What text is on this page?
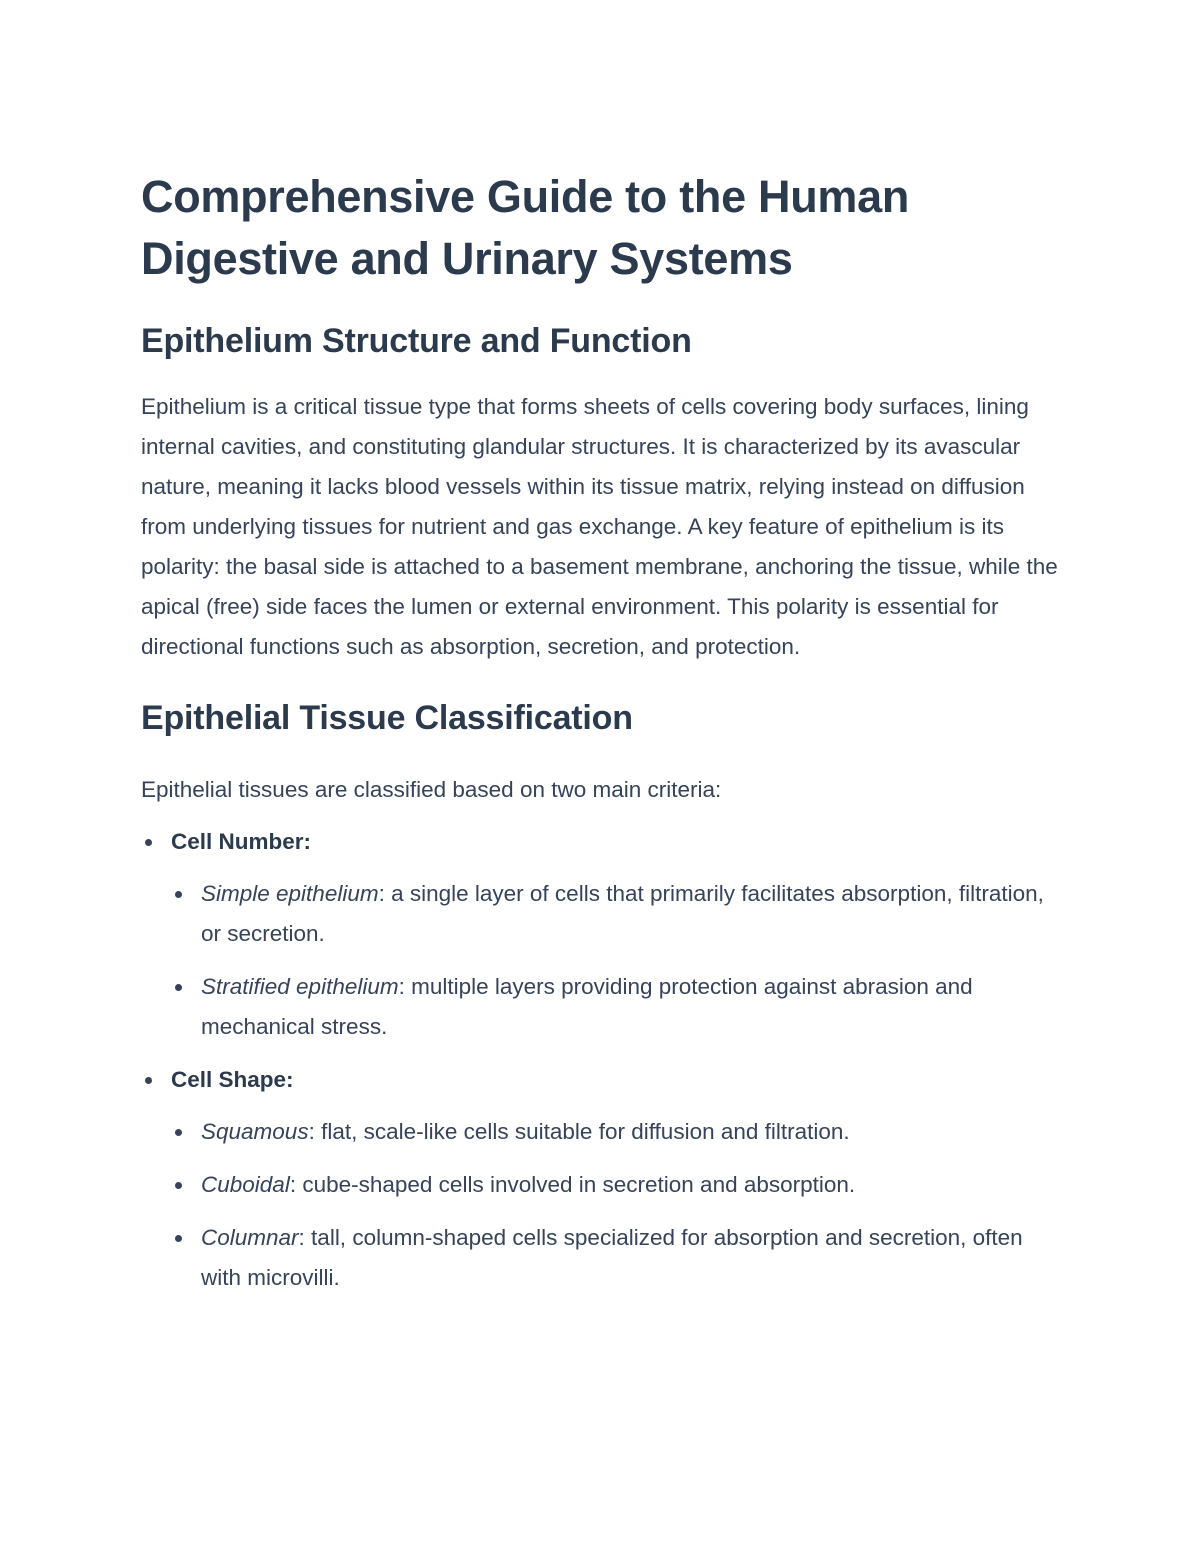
Comprehensive Guide to the Human Digestive and Urinary Systems
Epithelium Structure and Function

Epithelium is a critical tissue type that forms sheets of cells covering body surfaces, lining internal cavities, and constituting glandular structures. It is characterized by its avascular nature, meaning it lacks blood vessels within its tissue matrix, relying instead on diffusion from underlying tissues for nutrient and gas exchange. A key feature of epithelium is its polarity: the basal side is attached to a basement membrane, anchoring the tissue, while the apical (free) side faces the lumen or external environment. This polarity is essential for directional functions such as absorption, secretion, and protection.

Epithelial Tissue Classification

Epithelial tissues are classified based on two main criteria:

Cell Number:
Simple epithelium: a single layer of cells that primarily facilitates absorption, filtration, or secretion.
Stratified epithelium: multiple layers providing protection against abrasion and mechanical stress.
Cell Shape:
Squamous: flat, scale-like cells suitable for diffusion and filtration.
Cuboidal: cube-shaped cells involved in secretion and absorption.
Columnar: tall, column-shaped cells specialized for absorption and secretion, often with microvilli.
